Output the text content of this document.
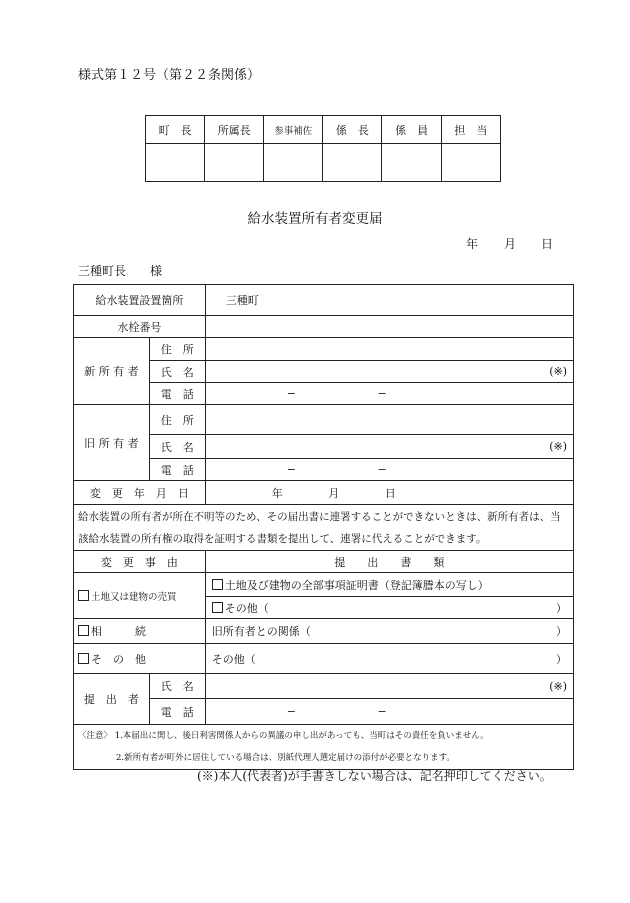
様式第１２号（第２２条関係）
町　長	所属長	参事補佐	係　長	係　員	担　当

給水装置所有者変更届
年 月 日
三種町長　　様
給水装置設置箇所		三種町
水栓番号		
新 所 有 者	住　所	
	氏　名	(※)
	電　話	− −
旧 所 有 者	住　所	
	氏　名	(※)
	電　話	− −
変　更　年　月　日		年 月 日

給水装置の所有者が所在不明等のため、その届出書に連署することができないときは、新所有者は、当
該給水装置の所有権の取得を証明する書類を提出して、連署に代えることができます。		

変　更　事　由		提　　出　　書　　類
土地又は建物の売買		土地及び建物の全部事項証明書（登記簿謄本の写し）

		その他（ ）

相　　　続		旧所有者との関係（ ）

そ　の　他		その他（ ）

提　出　者	氏　名	(※)
	電　話	− −

〈注意〉 1.本届出に関し、後日利害関係人からの異議の申し出があっても、当町はその責任を負いません。
2.新所有者が町外に居住している場合は、別紙代理人選定届けの添付が必要となります。		
(※)本人(代表者)が手書きしない場合は、記名押印してください。
